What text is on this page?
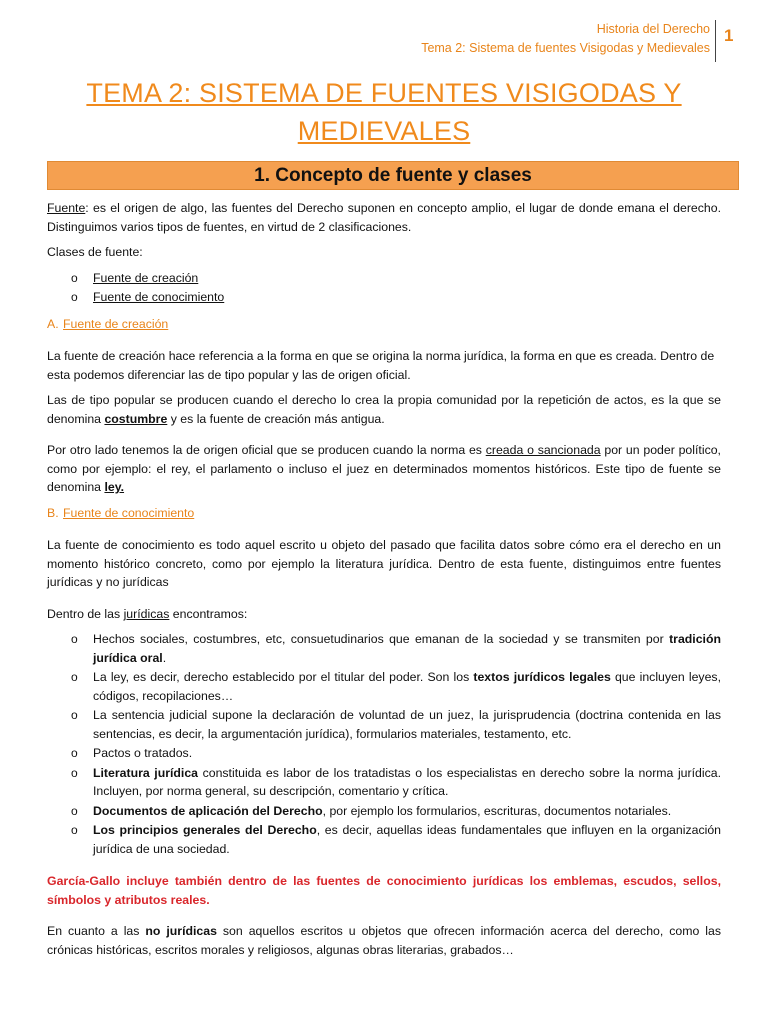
Historia del Derecho
Tema 2: Sistema de fuentes Visigodas y Medievales
1
TEMA 2: SISTEMA DE FUENTES VISIGODAS Y MEDIEVALES
1. Concepto de fuente y clases

Fuente: es el origen de algo, las fuentes del Derecho suponen en concepto amplio, el lugar de donde emana el derecho. Distinguimos varios tipos de fuentes, en virtud de 2 clasificaciones.

Clases de fuente:

o Fuente de creación
o Fuente de conocimiento
A. Fuente de creación

La fuente de creación hace referencia a la forma en que se origina la norma jurídica, la forma en que es creada. Dentro de esta podemos diferenciar las de tipo popular y las de origen oficial.

Las de tipo popular se producen cuando el derecho lo crea la propia comunidad por la repetición de actos, es la que se denomina costumbre y es la fuente de creación más antigua.

Por otro lado tenemos la de origen oficial que se producen cuando la norma es creada o sancionada por un poder político, como por ejemplo: el rey, el parlamento o incluso el juez en determinados momentos históricos. Este tipo de fuente se denomina ley.

B. Fuente de conocimiento

La fuente de conocimiento es todo aquel escrito u objeto del pasado que facilita datos sobre cómo era el derecho en un momento histórico concreto, como por ejemplo la literatura jurídica. Dentro de esta fuente, distinguimos entre fuentes jurídicas y no jurídicas

Dentro de las jurídicas encontramos:

o Hechos sociales, costumbres, etc, consuetudinarios que emanan de la sociedad y se transmiten por tradición jurídica oral.
o La ley, es decir, derecho establecido por el titular del poder. Son los textos jurídicos legales que incluyen leyes, códigos, recopilaciones…
o La sentencia judicial supone la declaración de voluntad de un juez, la jurisprudencia (doctrina contenida en las sentencias, es decir, la argumentación jurídica), formularios materiales, testamento, etc.
o Pactos o tratados.
o Literatura jurídica constituida es labor de los tratadistas o los especialistas en derecho sobre la norma jurídica. Incluyen, por norma general, su descripción, comentario y crítica.
o Documentos de aplicación del Derecho, por ejemplo los formularios, escrituras, documentos notariales.
o Los principios generales del Derecho, es decir, aquellas ideas fundamentales que influyen en la organización jurídica de una sociedad.

García-Gallo incluye también dentro de las fuentes de conocimiento jurídicas los emblemas, escudos, sellos, símbolos y atributos reales.

En cuanto a las no jurídicas son aquellos escritos u objetos que ofrecen información acerca del derecho, como las crónicas históricas, escritos morales y religiosos, algunas obras literarias, grabados…
